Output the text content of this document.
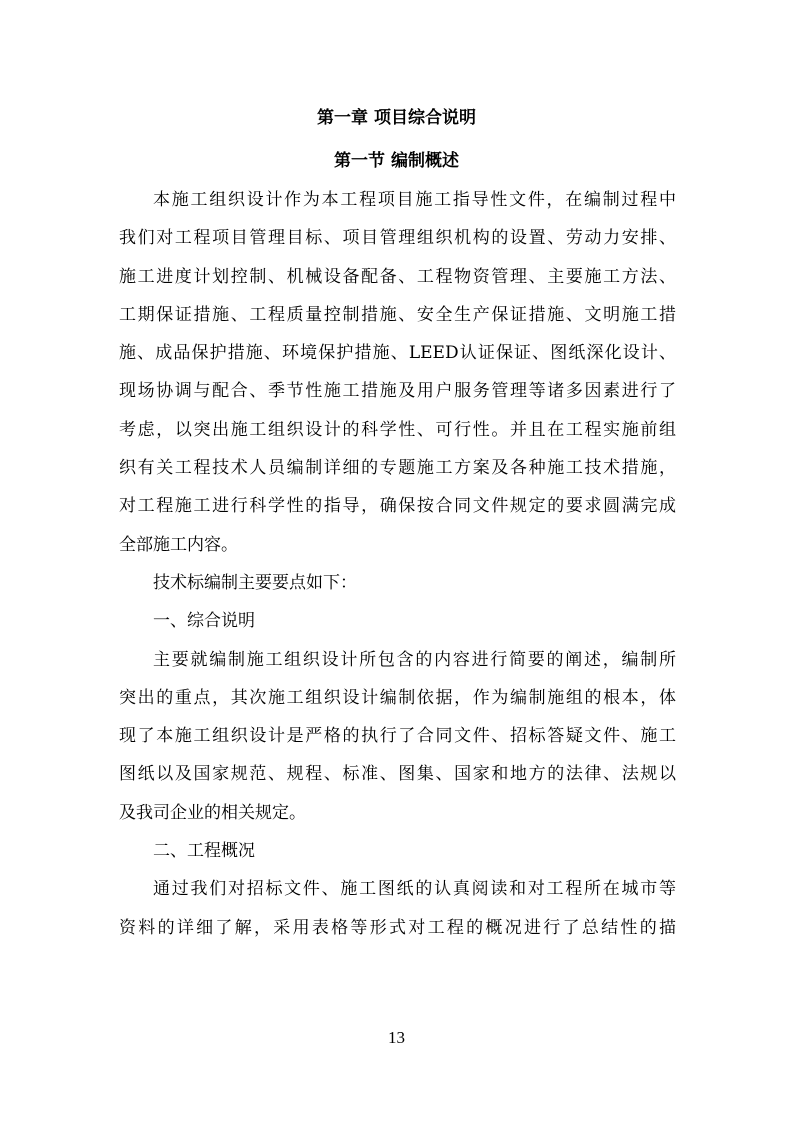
第一章 项目综合说明
第一节 编制概述

本施工组织设计作为本工程项目施工指导性文件，在编制过程中
我们对工程项目管理目标、项目管理组织机构的设置、劳动力安排、
施工进度计划控制、机械设备配备、工程物资管理、主要施工方法、
工期保证措施、工程质量控制措施、安全生产保证措施、文明施工措
施、成品保护措施、环境保护措施、LEED认证保证、图纸深化设计、
现场协调与配合、季节性施工措施及用户服务管理等诸多因素进行了
考虑，以突出施工组织设计的科学性、可行性。并且在工程实施前组
织有关工程技术人员编制详细的专题施工方案及各种施工技术措施，
对工程施工进行科学性的指导，确保按合同文件规定的要求圆满完成
全部施工内容。

技术标编制主要要点如下：

一、综合说明

主要就编制施工组织设计所包含的内容进行简要的阐述，编制所
突出的重点，其次施工组织设计编制依据，作为编制施组的根本，体
现了本施工组织设计是严格的执行了合同文件、招标答疑文件、施工
图纸以及国家规范、规程、标准、图集、国家和地方的法律、法规以
及我司企业的相关规定。

二、工程概况

通过我们对招标文件、施工图纸的认真阅读和对工程所在城市等
资料的详细了解，采用表格等形式对工程的概况进行了总结性的描

13
